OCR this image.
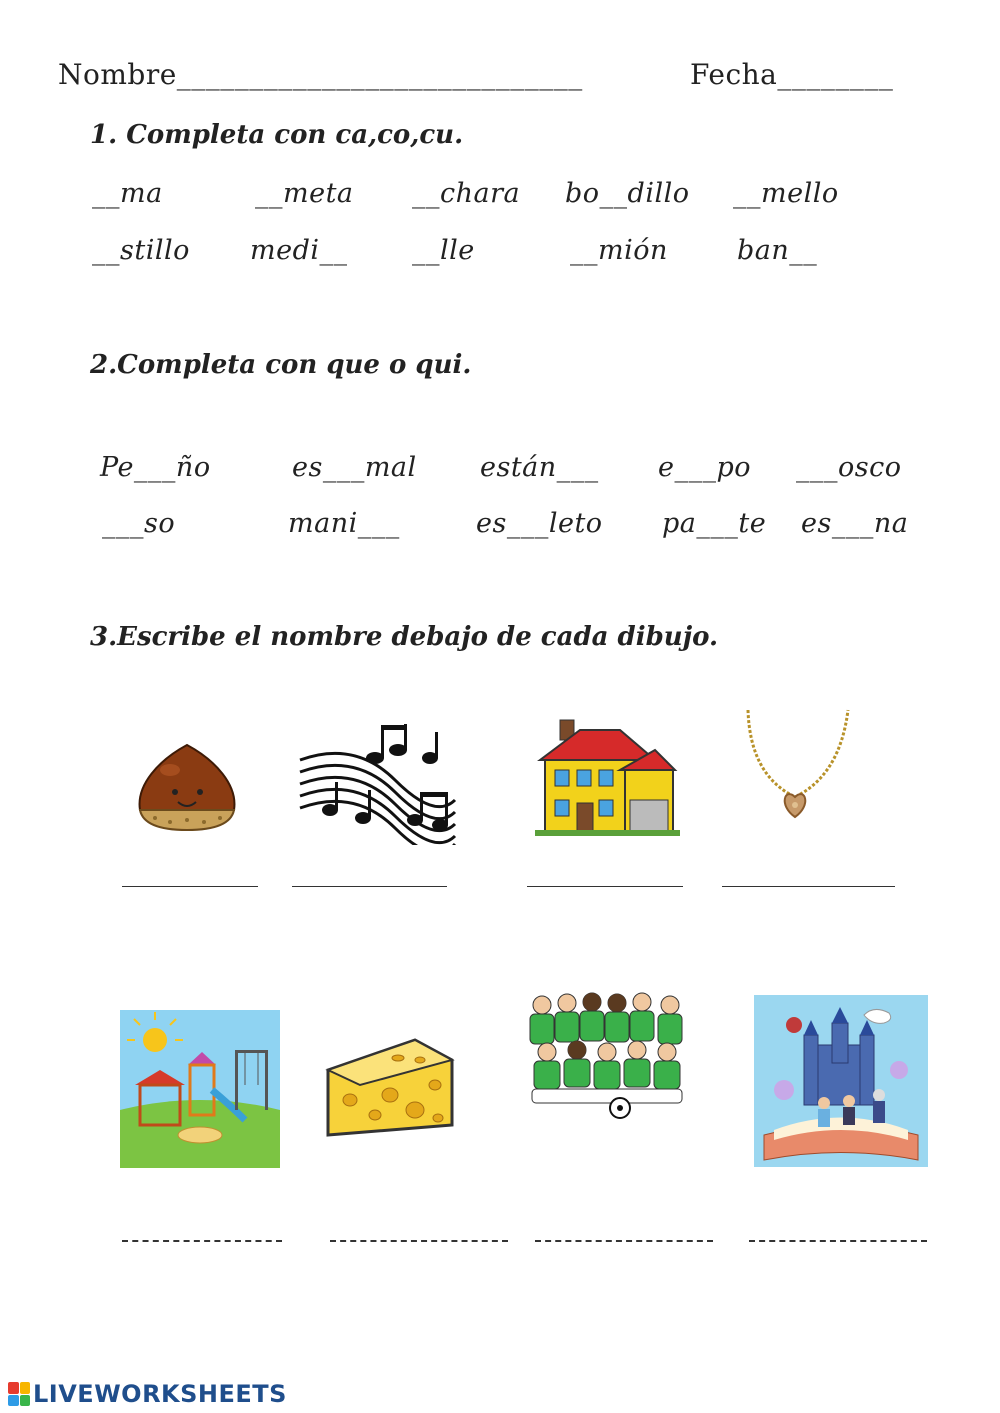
Nombre____________________________	Fecha________
1. Completa con ca,co,cu.
__ma	__meta __chara bo__dillo __mello
__stillo medi__ __lle	__mión	ban__
2.Completa con que o qui.
Pe___ño	es___mal están___ e___po ___osco
___so	mani___	es___leto pa___te es___na
3.Escribe el nombre debajo de cada dibujo.
LIVEWORKSHEETS
